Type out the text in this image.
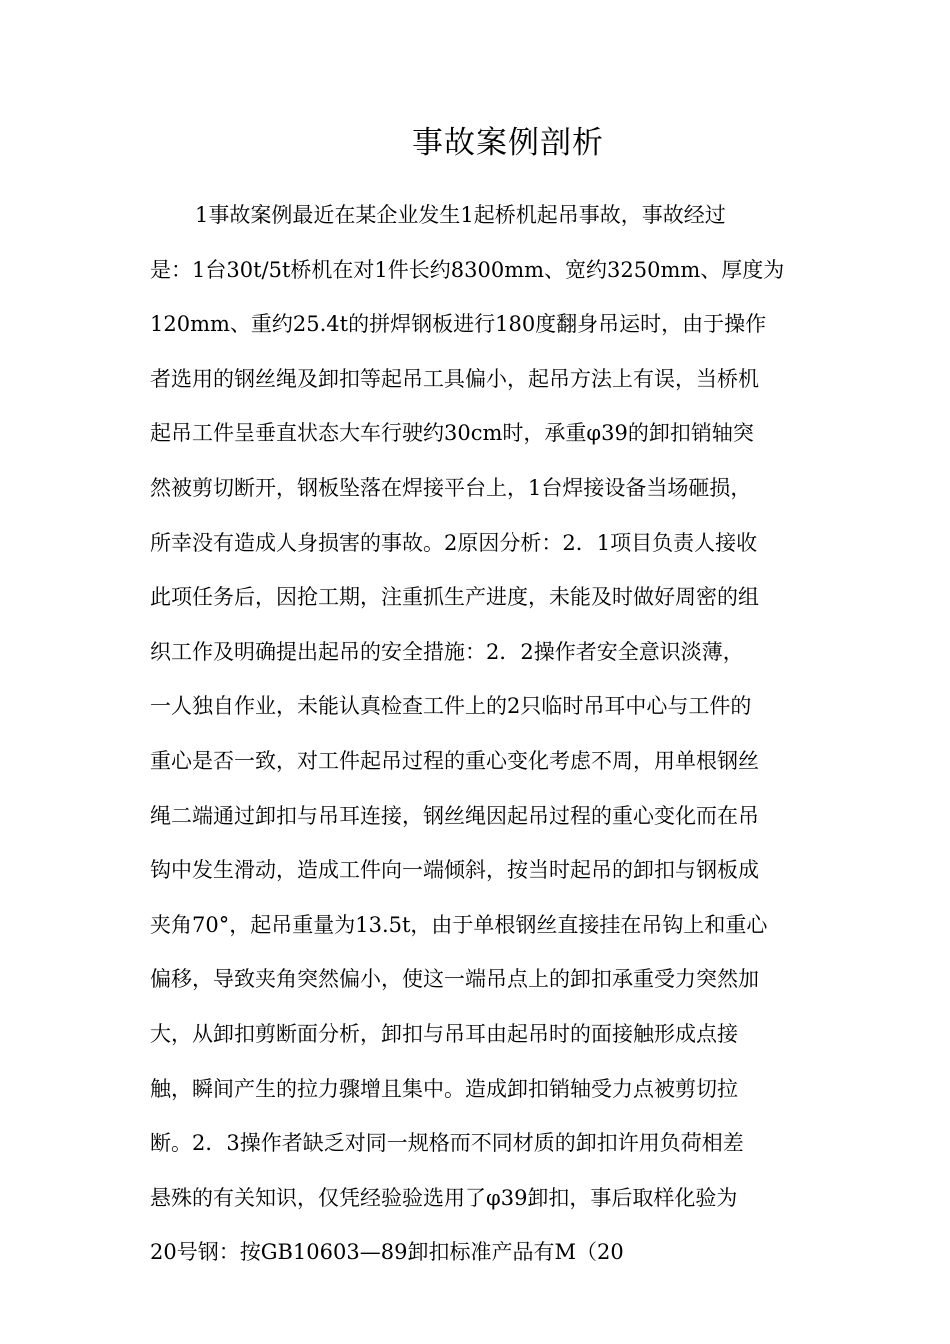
事故案例剖析
1事故案例最近在某企业发生1起桥机起吊事故，事故经过
是：1台30t/5t桥机在对1件长约8300mm、宽约3250mm、厚度为
120mm、重约25.4t的拼焊钢板进行180度翻身吊运时，由于操作
者选用的钢丝绳及卸扣等起吊工具偏小，起吊方法上有误，当桥机
起吊工件呈垂直状态大车行驶约30cm时，承重φ39的卸扣销轴突
然被剪切断开，钢板坠落在焊接平台上，1台焊接设备当场砸损，
所幸没有造成人身损害的事故。2原因分析：2．1项目负责人接收
此项任务后，因抢工期，注重抓生产进度，未能及时做好周密的组
织工作及明确提出起吊的安全措施：2．2操作者安全意识淡薄，
一人独自作业，未能认真检查工件上的2只临时吊耳中心与工件的
重心是否一致，对工件起吊过程的重心变化考虑不周，用单根钢丝
绳二端通过卸扣与吊耳连接，钢丝绳因起吊过程的重心变化而在吊
钩中发生滑动，造成工件向一端倾斜，按当时起吊的卸扣与钢板成
夹角70°，起吊重量为13.5t，由于单根钢丝直接挂在吊钩上和重心
偏移，导致夹角突然偏小，使这一端吊点上的卸扣承重受力突然加
大，从卸扣剪断面分析，卸扣与吊耳由起吊时的面接触形成点接
触，瞬间产生的拉力骤增且集中。造成卸扣销轴受力点被剪切拉
断。2．3操作者缺乏对同一规格而不同材质的卸扣许用负荷相差
悬殊的有关知识，仅凭经验验选用了φ39卸扣，事后取样化验为
20号钢：按GB10603—89卸扣标准产品有M（20
